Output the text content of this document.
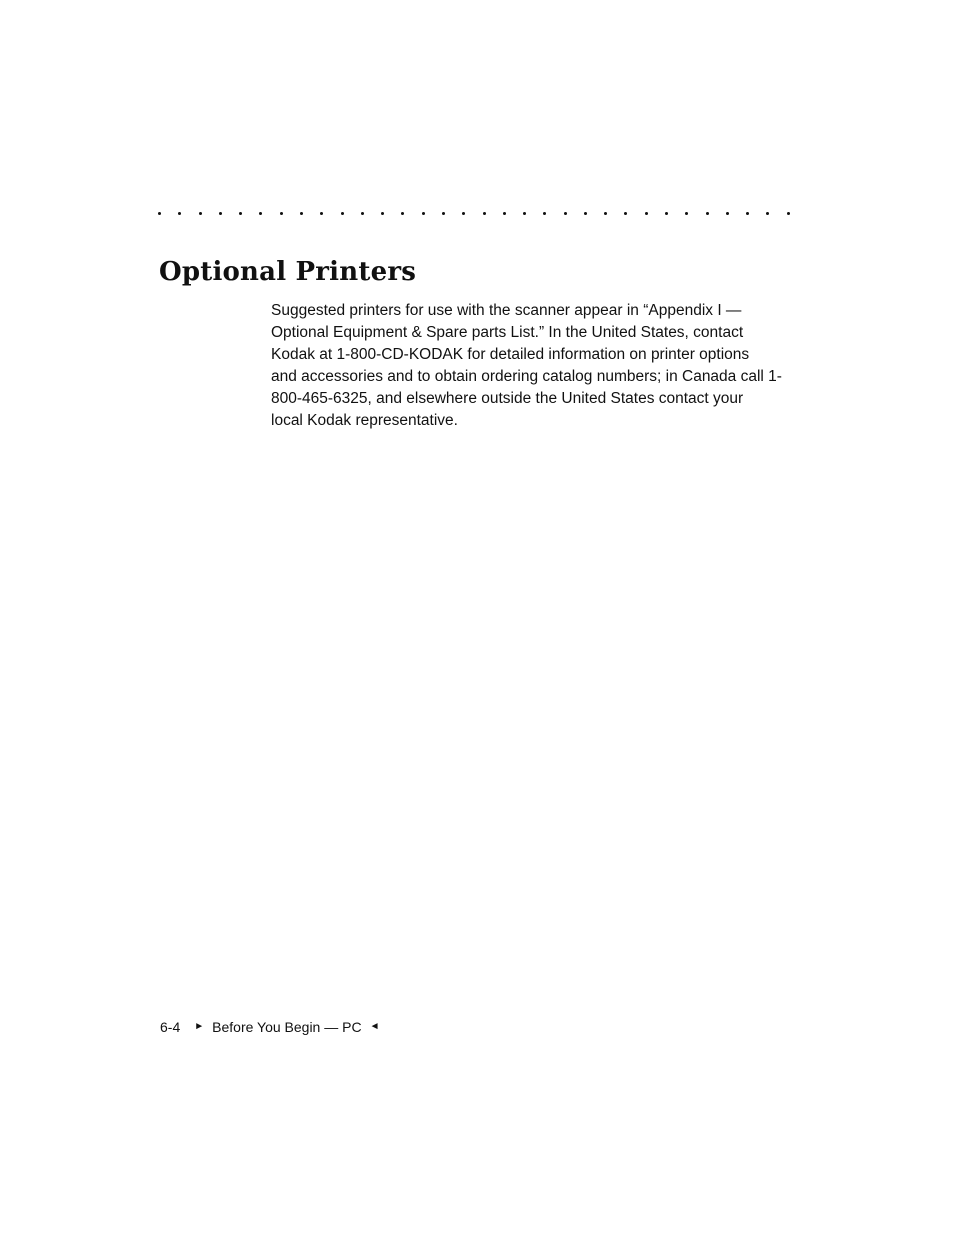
Optional Printers

Suggested printers for use with the scanner appear in “Appendix I —
Optional Equipment & Spare parts List.” In the United States, contact
Kodak at 1-800-CD-KODAK for detailed information on printer options
and accessories and to obtain ordering catalog numbers; in Canada call 1-
800-465-6325, and elsewhere outside the United States contact your
local Kodak representative.

6-4 ► Before You Begin — PC ◄
